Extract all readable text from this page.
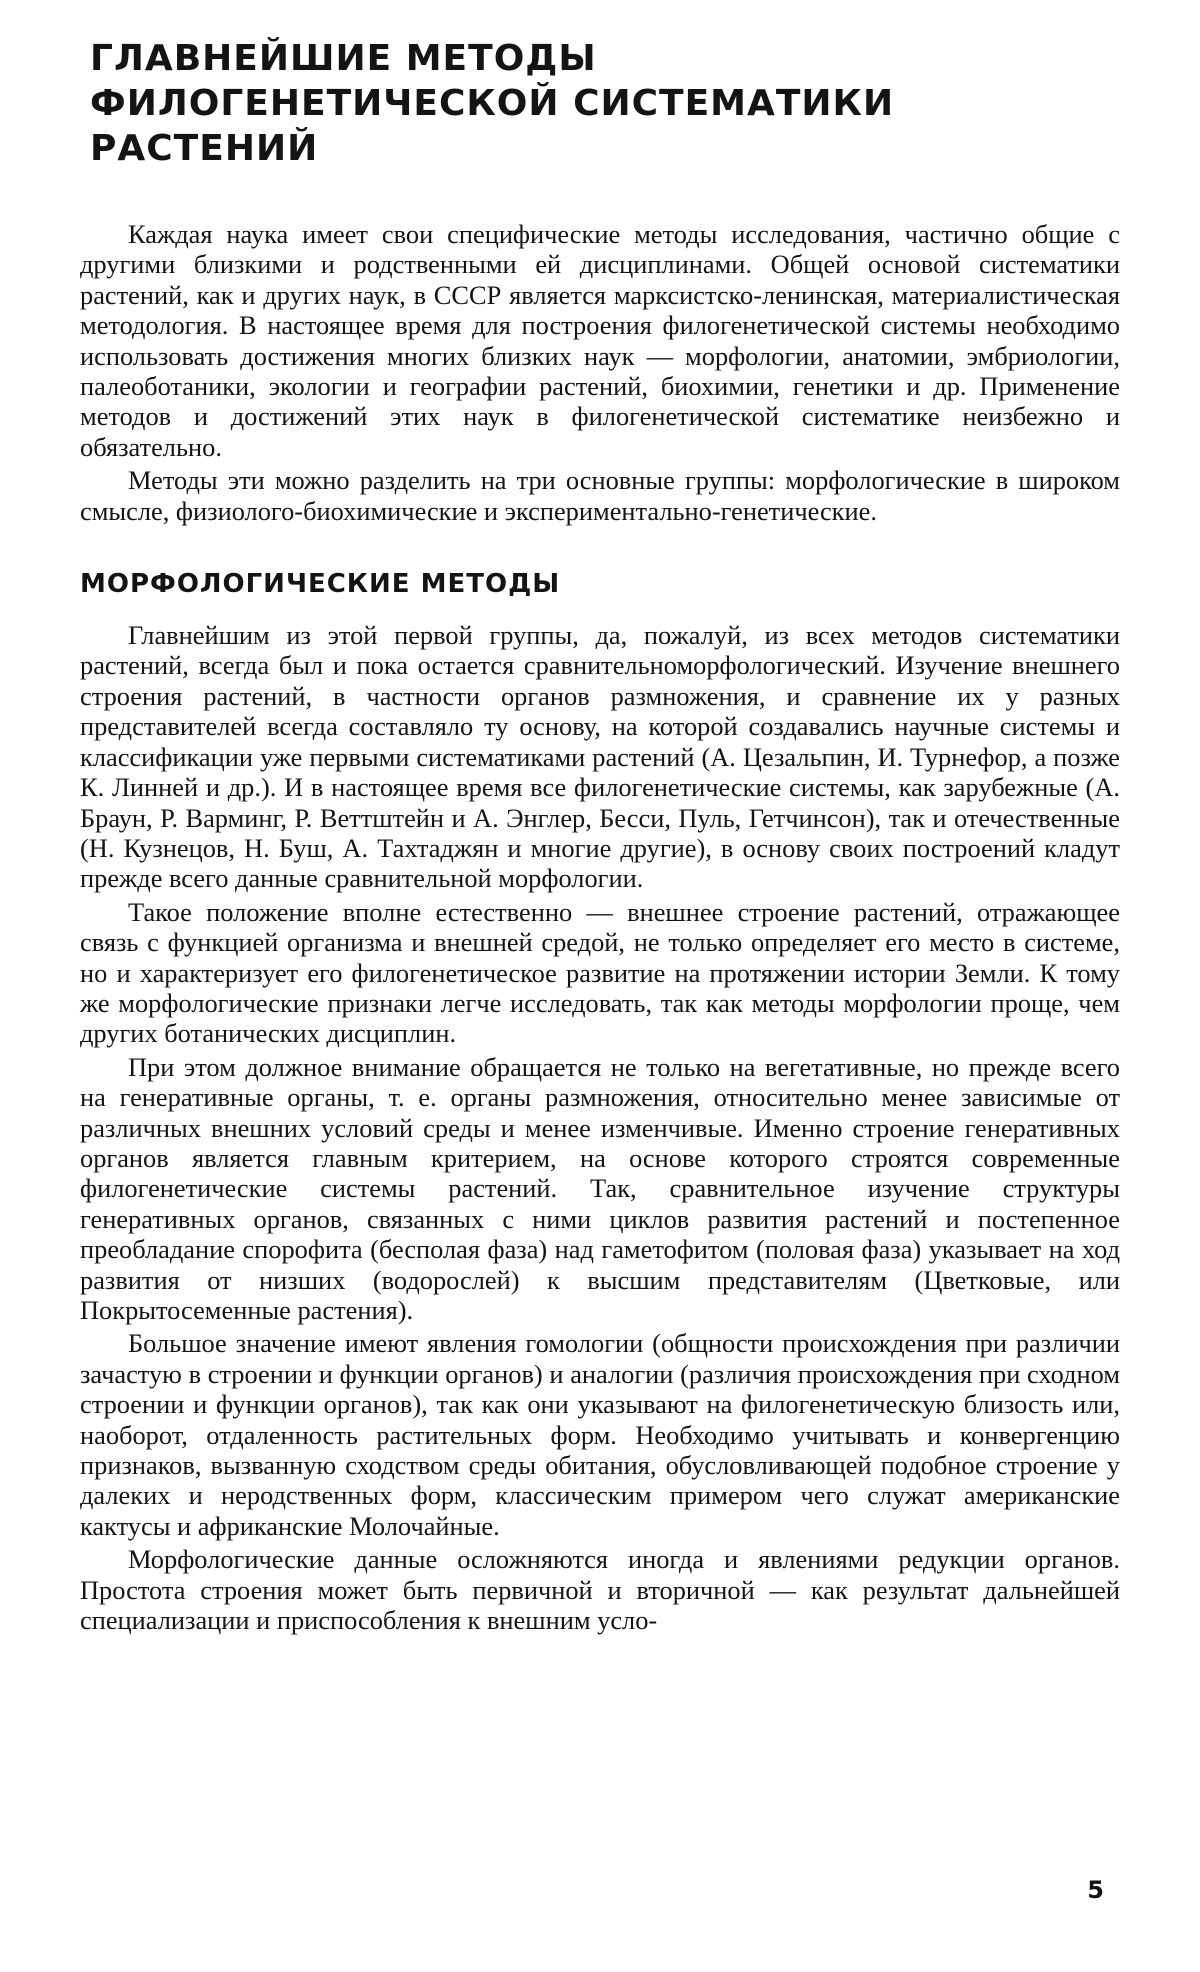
ГЛАВНЕЙШИЕ МЕТОДЫ
ФИЛОГЕНЕТИЧЕСКОЙ СИСТЕМАТИКИ
РАСТЕНИЙ

Каждая наука имеет свои специфические методы исследования, частично общие с другими близкими и родственными ей дисциплинами. Общей основой систематики растений, как и других наук, в СССР является марксистско-ленинская, материалистическая методология. В настоящее время для построения филогенетической системы необходимо использовать достижения многих близких наук — морфологии, анатомии, эмбриологии, палеоботаники, экологии и географии растений, биохимии, генетики и др. Применение методов и достижений этих наук в филогенетической систематике неизбежно и обязательно.

Методы эти можно разделить на три основные группы: морфологические в широком смысле, физиолого-биохимические и экспериментально-генетические.

МОРФОЛОГИЧЕСКИЕ МЕТОДЫ

Главнейшим из этой первой группы, да, пожалуй, из всех методов систематики растений, всегда был и пока остается сравнительноморфологический. Изучение внешнего строения растений, в частности органов размножения, и сравнение их у разных представителей всегда составляло ту основу, на которой создавались научные системы и классификации уже первыми систематиками растений (А. Цезальпин, И. Турнефор, а позже К. Линней и др.). И в настоящее время все филогенетические системы, как зарубежные (А. Браун, Р. Варминг, Р. Веттштейн и А. Энглер, Бесси, Пуль, Гетчинсон), так и отечественные (Н. Кузнецов, Н. Буш, А. Тахтаджян и многие другие), в основу своих построений кладут прежде всего данные сравнительной морфологии.

Такое положение вполне естественно — внешнее строение растений, отражающее связь с функцией организма и внешней средой, не только определяет его место в системе, но и характеризует его филогенетическое развитие на протяжении истории Земли. К тому же морфологические признаки легче исследовать, так как методы морфологии проще, чем других ботанических дисциплин.

При этом должное внимание обращается не только на вегетативные, но прежде всего на генеративные органы, т. е. органы размножения, относительно менее зависимые от различных внешних условий среды и менее изменчивые. Именно строение генеративных органов является главным критерием, на основе которого строятся современные филогенетические системы растений. Так, сравнительное изучение структуры генеративных органов, связанных с ними циклов развития растений и постепенное преобладание спорофита (бесполая фаза) над гаметофитом (половая фаза) указывает на ход развития от низших (водорослей) к высшим представителям (Цветковые, или Покрытосеменные растения).

Большое значение имеют явления гомологии (общности происхождения при различии зачастую в строении и функции органов) и аналогии (различия происхождения при сходном строении и функции органов), так как они указывают на филогенетическую близость или, наоборот, отдаленность растительных форм. Необходимо учитывать и конвергенцию признаков, вызванную сходством среды обитания, обусловливающей подобное строение у далеких и неродственных форм, классическим примером чего служат американские кактусы и африканские Молочайные.

Морфологические данные осложняются иногда и явлениями редукции органов. Простота строения может быть первичной и вторичной — как результат дальнейшей специализации и приспособления к внешним усло-

5
